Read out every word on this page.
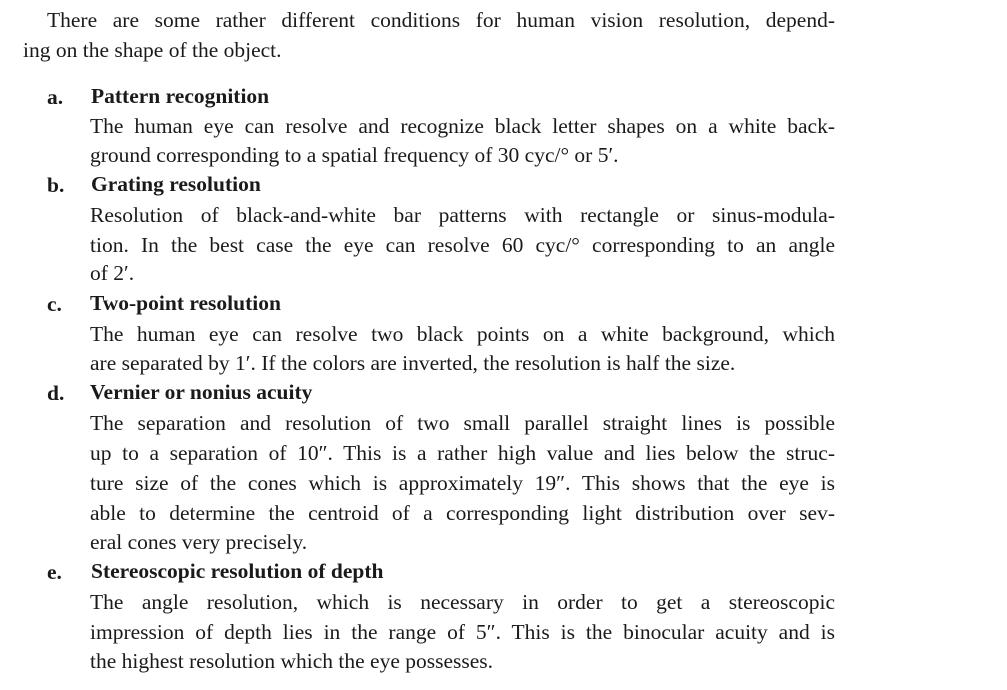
There are some rather different conditions for human vision resolution, depend-
ing on the shape of the object.
a. Pattern recognition
The human eye can resolve and recognize black letter shapes on a white back-
ground corresponding to a spatial frequency of 30 cyc/° or 5′.
b. Grating resolution
Resolution of black-and-white bar patterns with rectangle or sinus-modula-
tion. In the best case the eye can resolve 60 cyc/° corresponding to an angle
of 2′.
c. Two-point resolution
The human eye can resolve two black points on a white background, which
are separated by 1′. If the colors are inverted, the resolution is half the size.
d. Vernier or nonius acuity
The separation and resolution of two small parallel straight lines is possible
up to a separation of 10″. This is a rather high value and lies below the struc-
ture size of the cones which is approximately 19″. This shows that the eye is
able to determine the centroid of a corresponding light distribution over sev-
eral cones very precisely.
e. Stereoscopic resolution of depth
The angle resolution, which is necessary in order to get a stereoscopic
impression of depth lies in the range of 5″. This is the binocular acuity and is
the highest resolution which the eye possesses.
